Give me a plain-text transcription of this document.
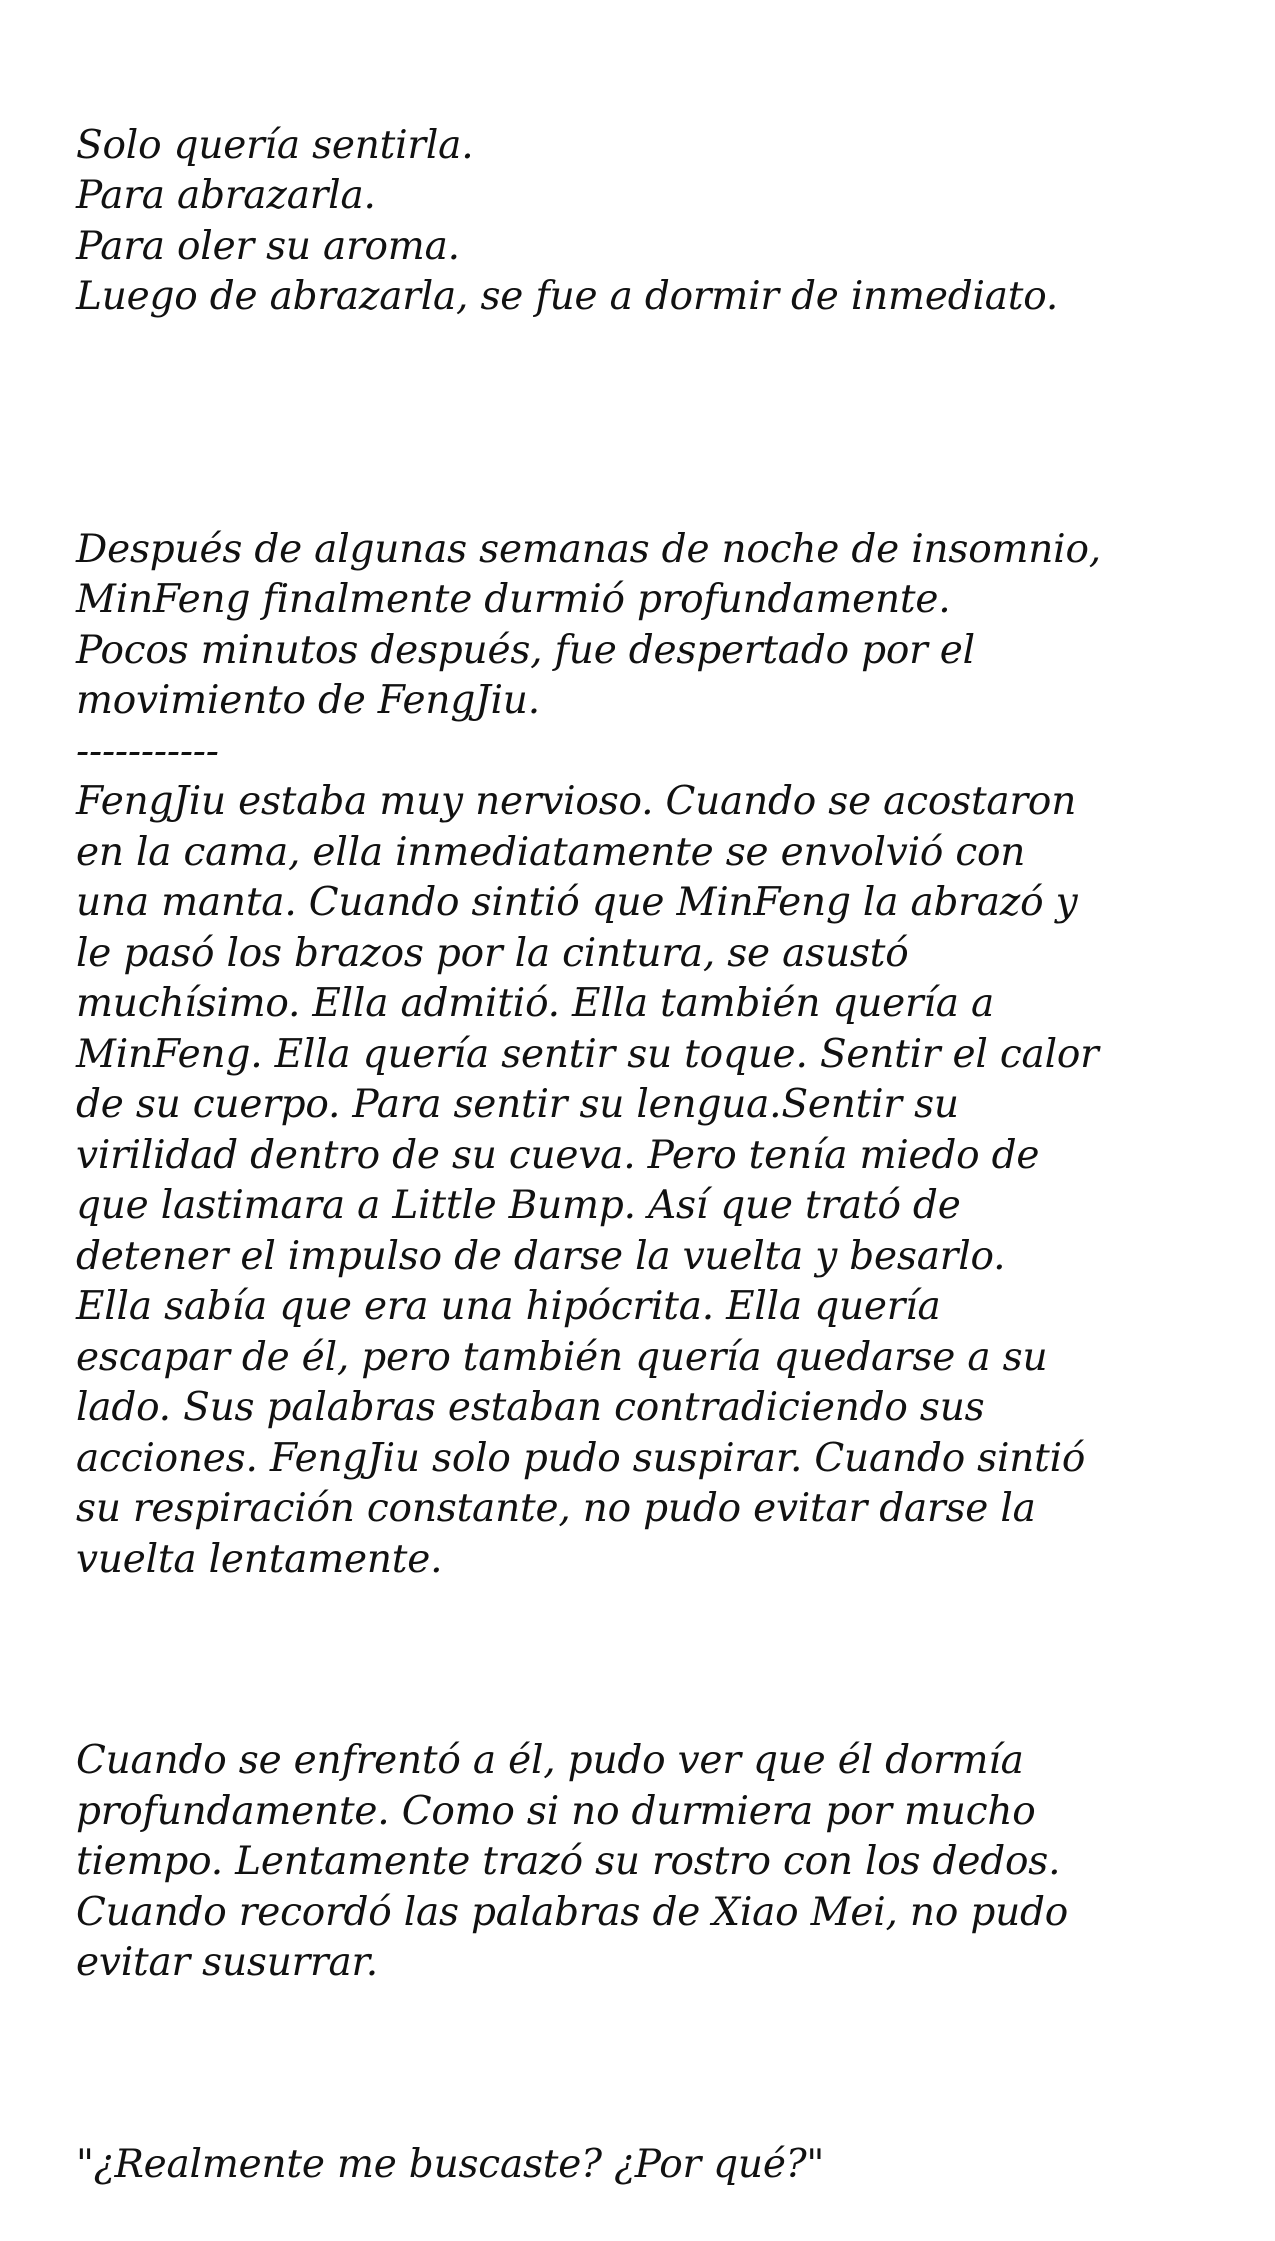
Solo quería sentirla.
Para abrazarla.
Para oler su aroma.
Luego de abrazarla, se fue a dormir de inmediato.

Después de algunas semanas de noche de insomnio,
MinFeng finalmente durmió profundamente.
Pocos minutos después, fue despertado por el
movimiento de FengJiu.
-----------
FengJiu estaba muy nervioso. Cuando se acostaron
en la cama, ella inmediatamente se envolvió con
una manta. Cuando sintió que MinFeng la abrazó y
le pasó los brazos por la cintura, se asustó
muchísimo. Ella admitió. Ella también quería a
MinFeng. Ella quería sentir su toque. Sentir el calor
de su cuerpo. Para sentir su lengua.Sentir su
virilidad dentro de su cueva. Pero tenía miedo de
que lastimara a Little Bump. Así que trató de
detener el impulso de darse la vuelta y besarlo.
Ella sabía que era una hipócrita. Ella quería
escapar de él, pero también quería quedarse a su
lado. Sus palabras estaban contradiciendo sus
acciones. FengJiu solo pudo suspirar. Cuando sintió
su respiración constante, no pudo evitar darse la
vuelta lentamente.

Cuando se enfrentó a él, pudo ver que él dormía
profundamente. Como si no durmiera por mucho
tiempo. Lentamente trazó su rostro con los dedos.
Cuando recordó las palabras de Xiao Mei, no pudo
evitar susurrar.

"¿Realmente me buscaste? ¿Por qué?"
